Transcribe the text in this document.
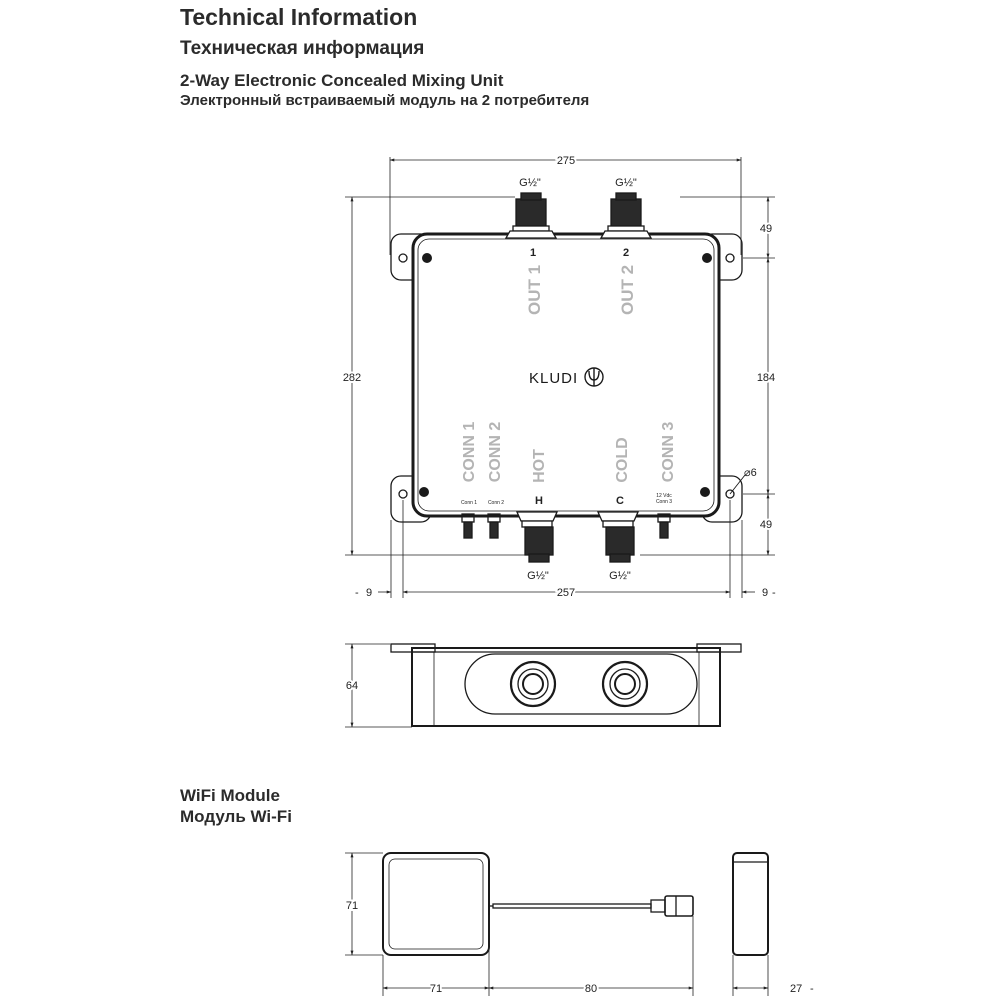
Technical Information
Техническая информация
2-Way Electronic Concealed Mixing Unit
Электронный встраиваемый модуль на 2 потребителя
WiFi Module
Модуль Wi-Fi
G½"	G½"
1	2
OUT 1	OUT 2
KLUDI
CONN 1 CONN 2 HOT	COLD CONN 3
H	C
Conn 1 Conn 2
12 Vdc
Conn 3
G½"	G½"
275
282
49
184
49
⌀6
9	257	9
-	-
64
71
71	80	27 -
